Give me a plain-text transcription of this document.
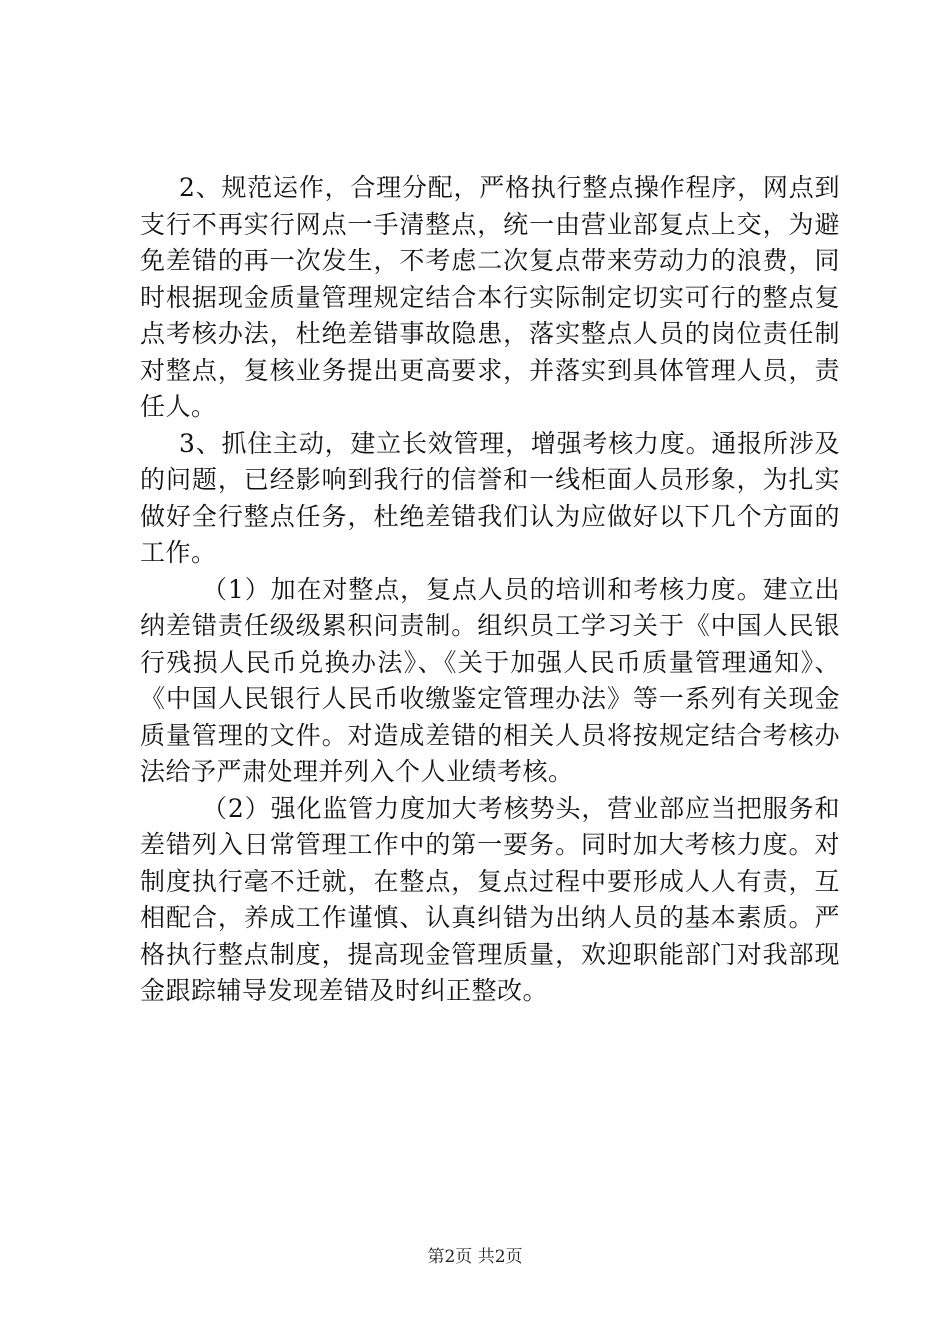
2、规范运作，合理分配，严格执行整点操作程序，网点到支行不再实行网点一手清整点，统一由营业部复点上交，为避免差错的再一次发生，不考虑二次复点带来劳动力的浪费，同时根据现金质量管理规定结合本行实际制定切实可行的整点复点考核办法，杜绝差错事故隐患，落实整点人员的岗位责任制对整点，复核业务提出更高要求，并落实到具体管理人员，责任人。

3、抓住主动，建立长效管理，增强考核力度。通报所涉及的问题，已经影响到我行的信誉和一线柜面人员形象，为扎实做好全行整点任务，杜绝差错我们认为应做好以下几个方面的工作。

（1）加在对整点，复点人员的培训和考核力度。建立出纳差错责任级级累积问责制。组织员工学习关于《中国人民银行残损人民币兑换办法》、《关于加强人民币质量管理通知》、《中国人民银行人民币收缴鉴定管理办法》等一系列有关现金质量管理的文件。对造成差错的相关人员将按规定结合考核办法给予严肃处理并列入个人业绩考核。

（2）强化监管力度加大考核势头，营业部应当把服务和差错列入日常管理工作中的第一要务。同时加大考核力度。对制度执行毫不迁就，在整点，复点过程中要形成人人有责，互相配合，养成工作谨慎、认真纠错为出纳人员的基本素质。严格执行整点制度，提高现金管理质量，欢迎职能部门对我部现金跟踪辅导发现差错及时纠正整改。

第2页 共2页
